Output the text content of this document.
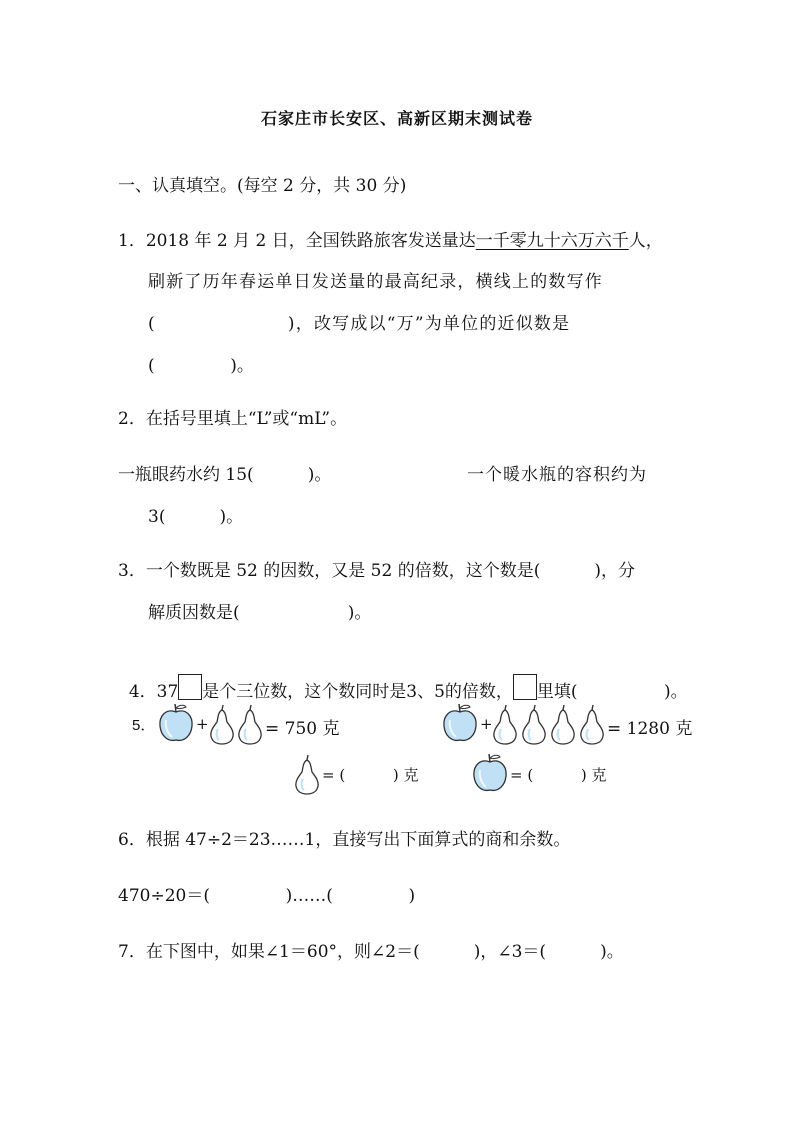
石家庄市长安区、高新区期末测试卷
一、认真填空。(每空 2 分，共 30 分)
1．2018 年 2 月 2 日，全国铁路旅客发送量达一千零九十六万六千人，
刷新了历年春运单日发送量的最高纪录，横线上的数写作
(                    )，改写成以“万”为单位的近似数是
(              )。
2．在括号里填上“L”或“mL”。
一瓶眼药水约 15(          )。	一个暖水瓶的容积约为
3(          )。
3．一个数既是 52 的因数，又是 52 的倍数，这个数是(          )，分
解质因数是(                    )。

4．37 是个三位数，这个数同时是3、5的倍数， 里填(                )。

5．	+	= 750 克	+	= 1280 克
= (          ) 克	= (          ) 克
6．根据 47÷2＝23……1，直接写出下面算式的商和余数。
470÷20＝(              )……(              )
7．在下图中，如果∠1＝60°，则∠2＝(          )，∠3＝(          )。
